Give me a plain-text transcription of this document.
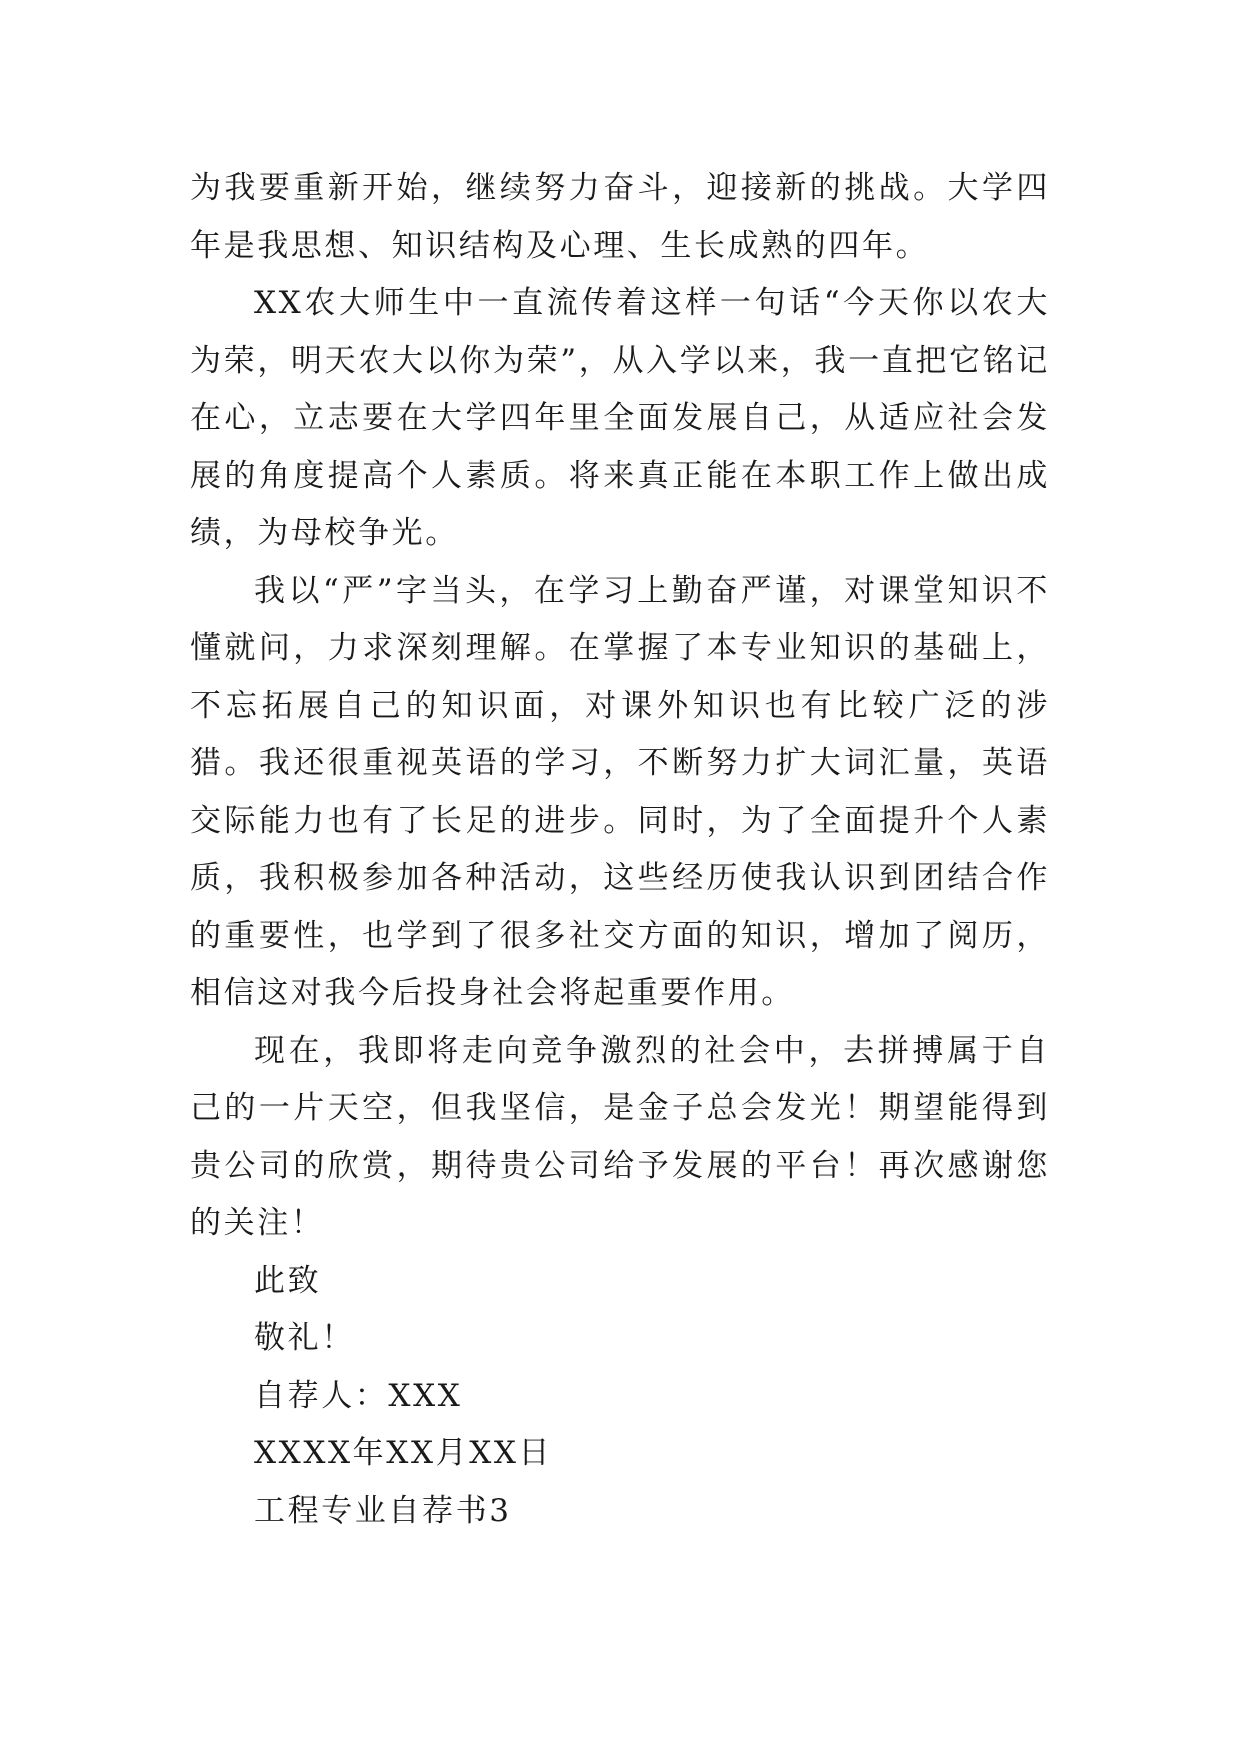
为我要重新开始，继续努力奋斗，迎接新的挑战。大学四年是我思想、知识结构及心理、生长成熟的四年。

XX农大师生中一直流传着这样一句话“今天你以农大为荣，明天农大以你为荣”，从入学以来，我一直把它铭记在心，立志要在大学四年里全面发展自己，从适应社会发展的角度提高个人素质。将来真正能在本职工作上做出成绩，为母校争光。

我以“严”字当头，在学习上勤奋严谨，对课堂知识不懂就问，力求深刻理解。在掌握了本专业知识的基础上，不忘拓展自己的知识面，对课外知识也有比较广泛的涉猎。我还很重视英语的学习，不断努力扩大词汇量，英语交际能力也有了长足的进步。同时，为了全面提升个人素质，我积极参加各种活动，这些经历使我认识到团结合作的重要性，也学到了很多社交方面的知识，增加了阅历，相信这对我今后投身社会将起重要作用。

现在，我即将走向竞争激烈的社会中，去拼搏属于自己的一片天空，但我坚信，是金子总会发光！期望能得到贵公司的欣赏，期待贵公司给予发展的平台！再次感谢您的关注！

此致

敬礼！

自荐人：XXX

XXXX年XX月XX日

工程专业自荐书3
